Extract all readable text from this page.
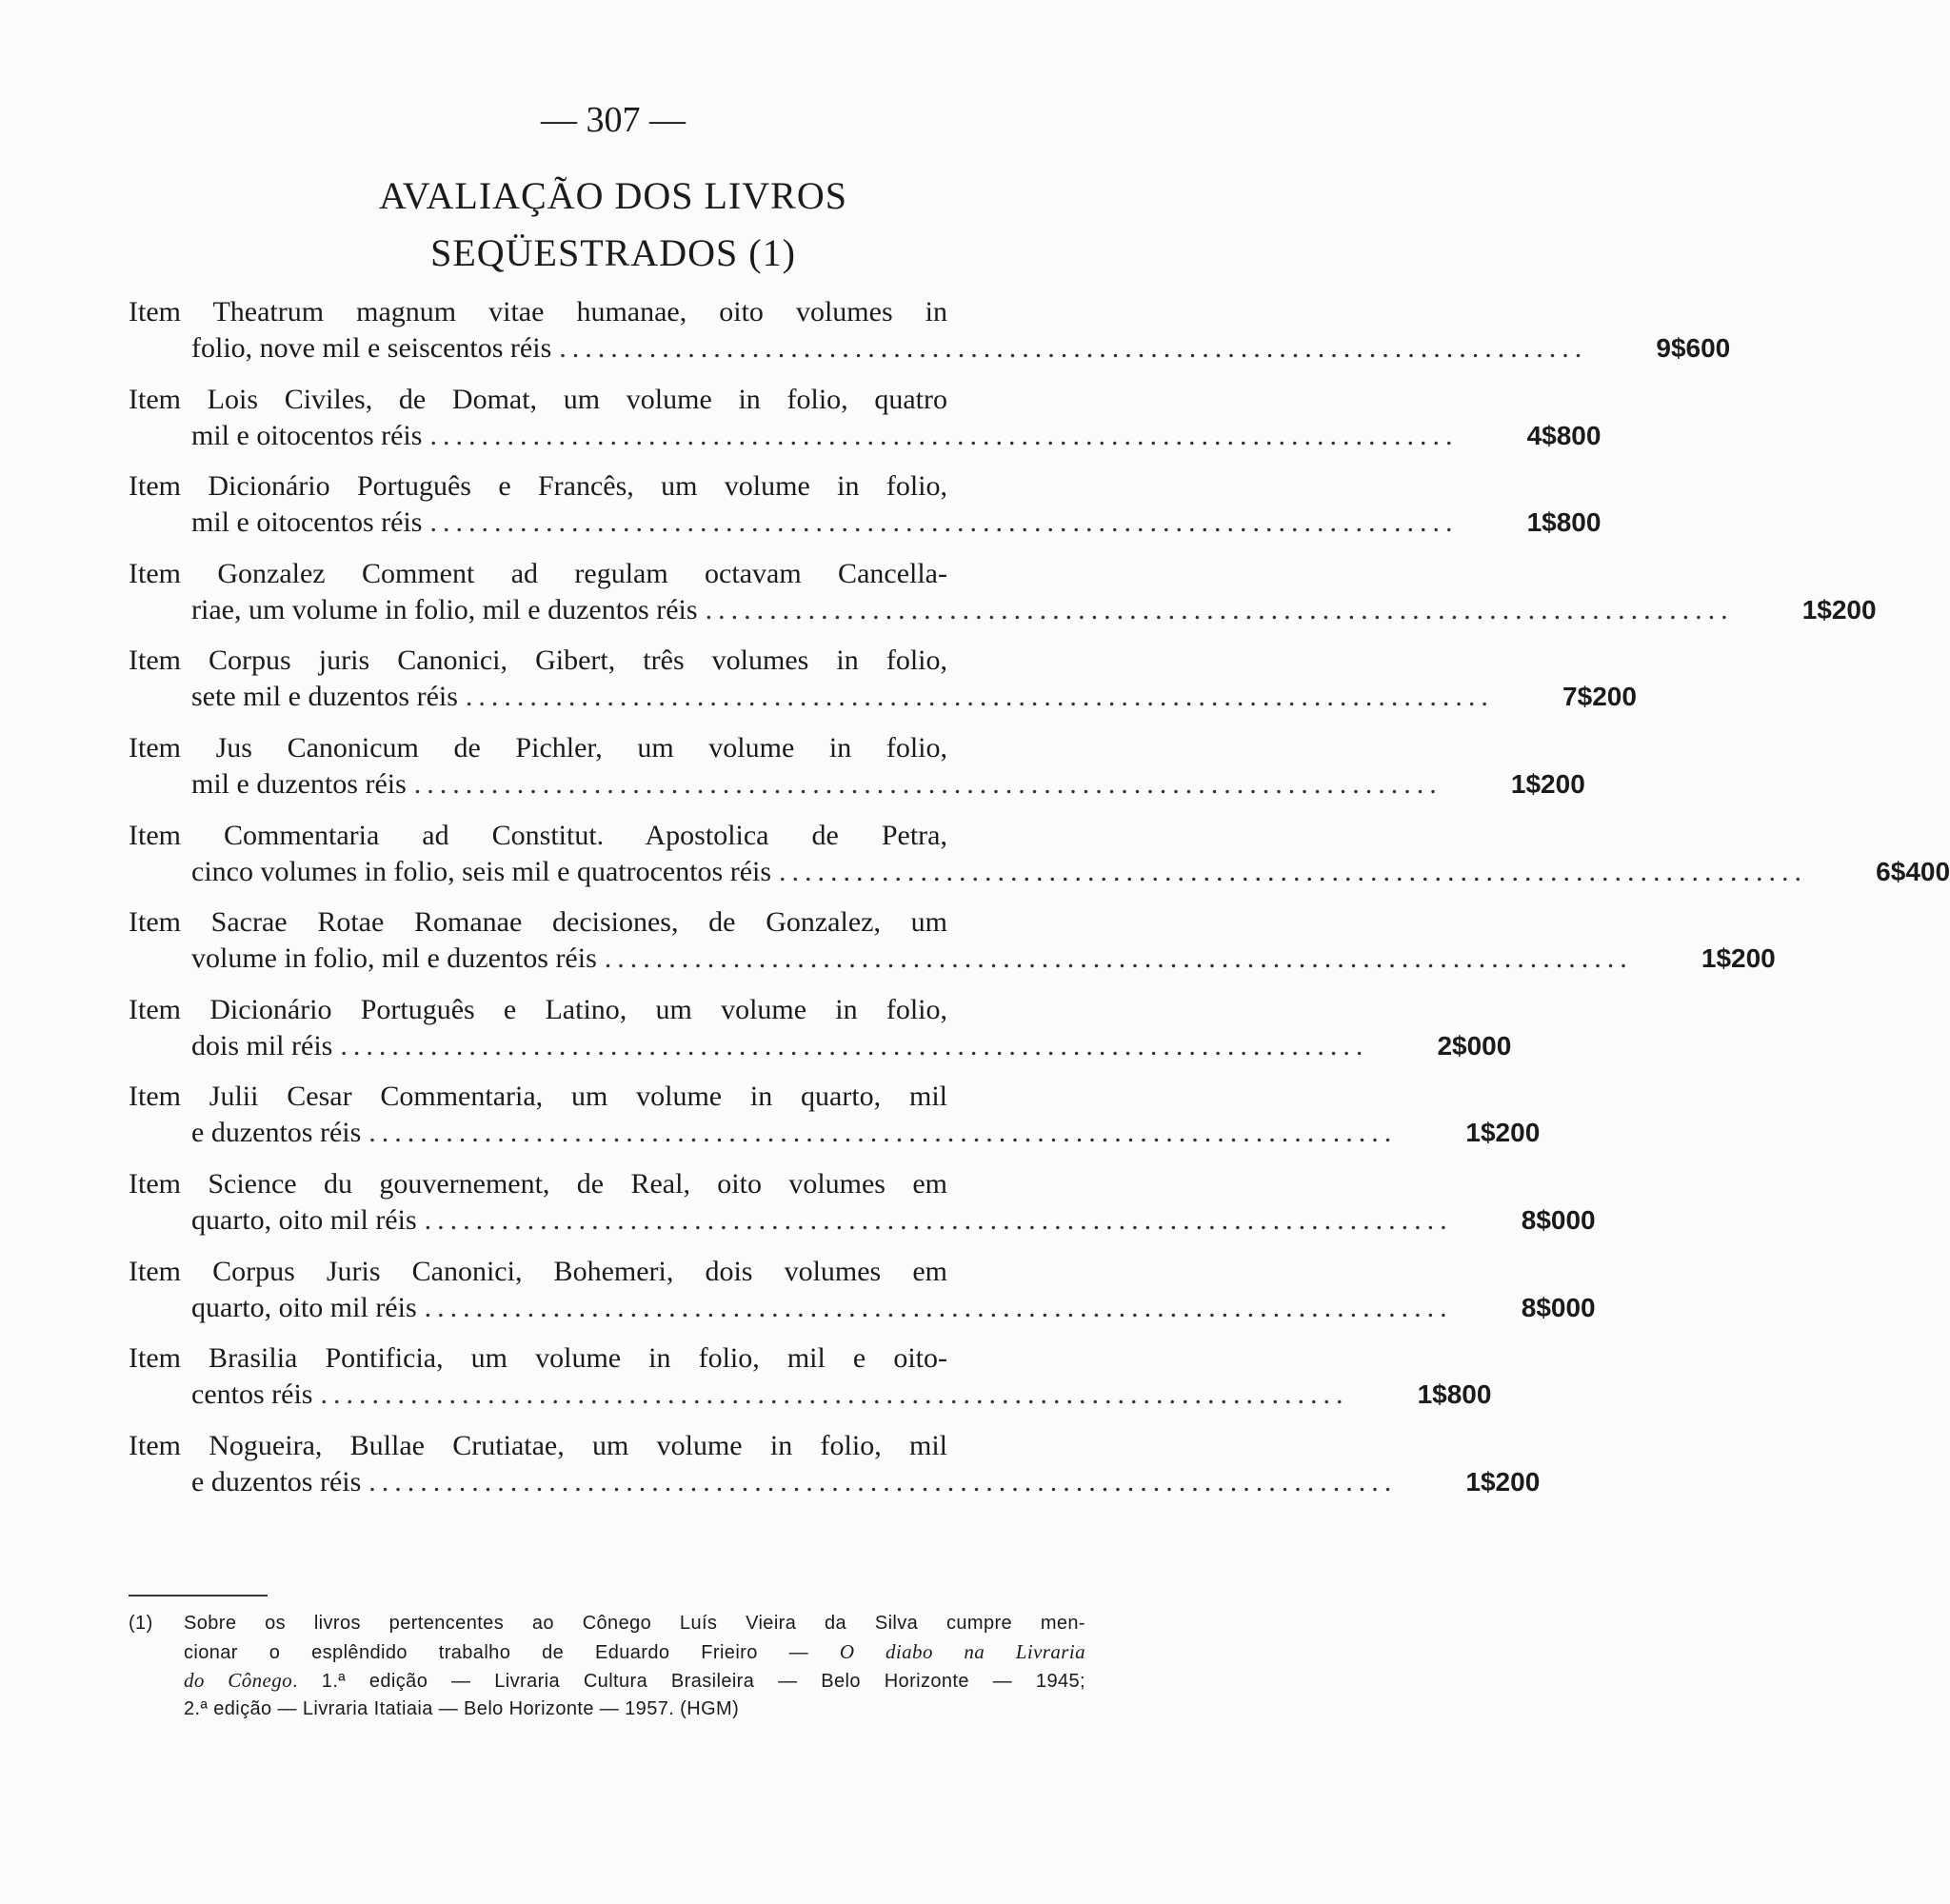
— 307 —
AVALIAÇÃO DOS LIVROS
SEQÜESTRADOS (1)
Item Theatrum magnum vitae humanae, oito volumes in
folio, nove mil e seiscentos réis ................................................................................	9$600
Item Lois Civiles, de Domat, um volume in folio, quatro
mil e oitocentos réis ................................................................................	4$800
Item Dicionário Português e Francês, um volume in folio,
mil e oitocentos réis ................................................................................	1$800
Item Gonzalez Comment ad regulam octavam Cancella-
riae, um volume in folio, mil e duzentos réis ................................................................................	1$200
Item Corpus juris Canonici, Gibert, três volumes in folio,
sete mil e duzentos réis ................................................................................	7$200
Item Jus Canonicum de Pichler, um volume in folio,
mil e duzentos réis ................................................................................	1$200
Item Commentaria ad Constitut. Apostolica de Petra,
cinco volumes in folio, seis mil e quatrocentos réis ................................................................................	6$400
Item Sacrae Rotae Romanae decisiones, de Gonzalez, um
volume in folio, mil e duzentos réis ................................................................................	1$200
Item Dicionário Português e Latino, um volume in folio,
dois mil réis ................................................................................	2$000
Item Julii Cesar Commentaria, um volume in quarto, mil
e duzentos réis ................................................................................	1$200
Item Science du gouvernement, de Real, oito volumes em
quarto, oito mil réis ................................................................................	8$000
Item Corpus Juris Canonici, Bohemeri, dois volumes em
quarto, oito mil réis ................................................................................	8$000
Item Brasilia Pontificia, um volume in folio, mil e oito-
centos réis ................................................................................	1$800
Item Nogueira, Bullae Crutiatae, um volume in folio, mil
e duzentos réis ................................................................................	1$200
(1)	Sobre os livros pertencentes ao Cônego Luís Vieira da Silva cumpre men-
cionar o esplêndido trabalho de Eduardo Frieiro — O diabo na Livraria
do Cônego. 1.ª edição — Livraria Cultura Brasileira — Belo Horizonte — 1945;
2.ª edição — Livraria Itatiaia — Belo Horizonte — 1957. (HGM)
